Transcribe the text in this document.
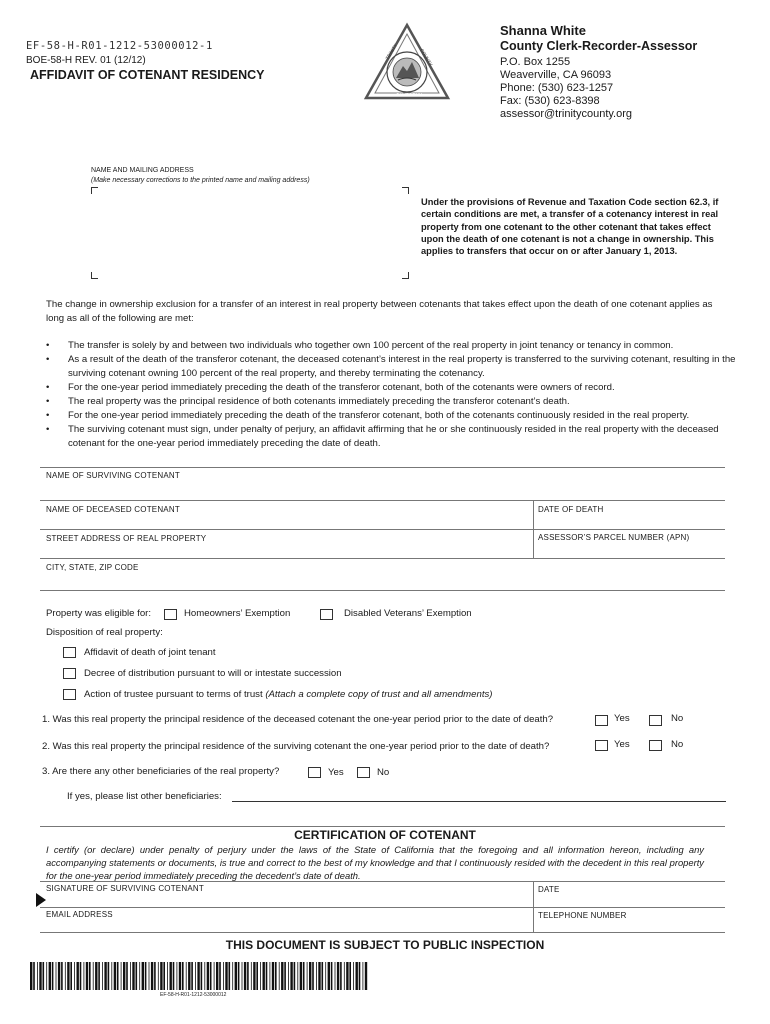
EF-58-H-R01-1212-53000012-1
BOE-58-H REV. 01 (12/12)
AFFIDAVIT OF COTENANT RESIDENCY
TRINITY	COUNTY
CALIFORNIA
Shanna White
County Clerk-Recorder-Assessor
P.O. Box 1255
Weaverville, CA 96093
Phone: (530) 623-1257
Fax: (530) 623-8398
assessor@trinitycounty.org
NAME AND MAILING ADDRESS
(Make necessary corrections to the printed name and mailing address)
Under the provisions of Revenue and Taxation Code section 62.3, if certain conditions are met, a transfer of a cotenancy interest in real property from one cotenant to the other cotenant that takes effect upon the death of one cotenant is not a change in ownership. This applies to transfers that occur on or after January 1, 2013.
The change in ownership exclusion for a transfer of an interest in real property between cotenants that takes effect upon the death of one cotenant applies as long as all of the following are met:
• The transfer is solely by and between two individuals who together own 100 percent of the real property in joint tenancy or tenancy in common.
• As a result of the death of the transferor cotenant, the deceased cotenant’s interest in the real property is transferred to the surviving cotenant, resulting in the surviving cotenant owning 100 percent of the real property, and thereby terminating the cotenancy.
• For the one-year period immediately preceding the death of the transferor cotenant, both of the cotenants were owners of record.
• The real property was the principal residence of both cotenants immediately preceding the transferor cotenant’s death.
• For the one-year period immediately preceding the death of the transferor cotenant, both of the cotenants continuously resided in the real property.
• The surviving cotenant must sign, under penalty of perjury, an affidavit affirming that he or she continuously resided in the real property with the deceased cotenant for the one-year period immediately preceding the date of death.
NAME OF SURVIVING COTENANT
NAME OF DECEASED COTENANT	DATE OF DEATH
STREET ADDRESS OF REAL PROPERTY	ASSESSOR’S PARCEL NUMBER (APN)
CITY, STATE, ZIP CODE
Property was eligible for:	Homeowners’ Exemption	Disabled Veterans’ Exemption
Disposition of real property:
Affidavit of death of joint tenant
Decree of distribution pursuant to will or intestate succession
Action of trustee pursuant to terms of trust (Attach a complete copy of trust and all amendments)
1. Was this real property the principal residence of the deceased cotenant the one-year period prior to the date of death?	Yes	No
2. Was this real property the principal residence of the surviving cotenant the one-year period prior to the date of death?	Yes	No
3. Are there any other beneficiaries of the real property?	Yes	No
If yes, please list other beneficiaries:
CERTIFICATION OF COTENANT
I certify (or declare) under penalty of perjury under the laws of the State of California that the foregoing and all information hereon, including any accompanying statements or documents, is true and correct to the best of my knowledge and that I continuously resided with the decedent in this real property for the one-year period immediately preceding the decedent’s date of death.
SIGNATURE OF SURVIVING COTENANT	DATE
EMAIL ADDRESS	TELEPHONE NUMBER
THIS DOCUMENT IS SUBJECT TO PUBLIC INSPECTION
EF-58-H-R01-1212-53000012
